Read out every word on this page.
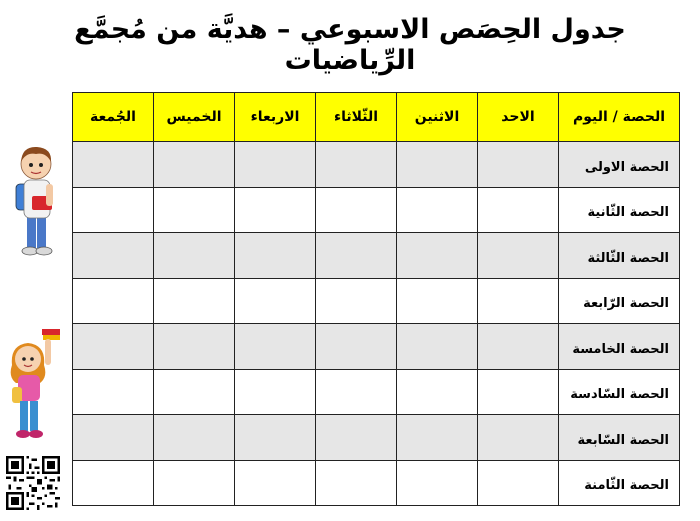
جدول الحِصَص الاسبوعي – هديَّة من مُجمَّع الرِّياضيات
الحصة / اليوم	الاحد	الاثنين	الثّلاثاء	الاربعاء	الخميس	الجُمعة
الحصة الاولى						
الحصة الثّانية						
الحصة الثّالثة						
الحصة الرّابعة						
الحصة الخامسة						
الحصة السّادسة						
الحصة السّابعة						
الحصة الثّامنة						
